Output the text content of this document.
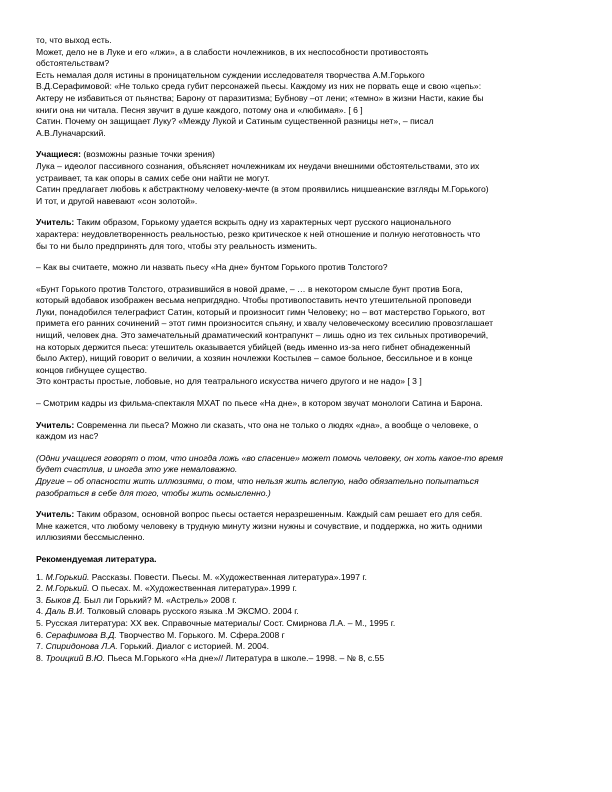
то, что выход есть.
Может, дело не в Луке и его «лжи», а в слабости ночлежников, в их неспособности противостоять
обстоятельствам?
Есть немалая доля истины в проницательном суждении исследователя творчества А.М.Горького
В.Д.Серафимовой: «Не только среда губит персонажей пьесы. Каждому из них не порвать еще и свою «цепь»:
Актеру не избавиться от пьянства; Барону от паразитизма; Бубнову –от лени; «темно» в жизни Насти, какие бы
книги она ни читала. Песня звучит в душе каждого, потому она и «любимая». [ 6 ]
Сатин. Почему он защищает Луку? «Между Лукой и Сатиным существенной разницы нет», – писал
А.В.Луначарский.
Учащиеся: (возможны разные точки зрения)
Лука – идеолог пассивного сознания, объясняет ночлежникам их неудачи внешними обстоятельствами, это их
устраивает, та как опоры в самих себе они найти не могут.
Сатин предлагает любовь к абстрактному человеку-мечте (в этом проявились ницшеанские взгляды М.Горького)
И тот, и другой навевают «сон золотой».
Учитель: Таким образом, Горькому удается вскрыть одну из характерных черт русского национального
характера: неудовлетворенность реальностью, резко критическое к ней отношение и полную неготовность что
бы то ни было предпринять для того, чтобы эту реальность изменить.
– Как вы считаете, можно ли назвать пьесу «На дне» бунтом Горького против Толстого?
«Бунт Горького против Толстого, отразившийся в новой драме, – … в некотором смысле бунт против Бога,
который вдобавок изображен весьма непригдядно. Чтобы противопоставить нечто утешительной проповеди
Луки, понадобился телеграфист Сатин, который и произносит гимн Человеку; но – вот мастерство Горького, вот
примета его ранних сочинений – этот гимн произносится спьяну, и хвалу человеческому всесилию провозглашает
нищий, человек дна. Это замечательный драматический контрапункт – лишь одно из тех сильных противоречий,
на которых держится пьеса: утешитель оказывается убийцей (ведь именно из-за него гибнет обнадеженный
было Актер), нищий говорит о величии, а хозяин ночлежки Костылев – самое больное, бессильное и в конце
концов гибнущее существо.
Это контрасты простые, лобовые, но для театрального искусства ничего другого и не надо» [ 3 ]
– Смотрим кадры из фильма-спектакля МХАТ по пьесе «На дне», в котором звучат монологи Сатина и Барона.
Учитель: Современна ли пьеса? Можно ли сказать, что она не только о людях «дна», а вообще о человеке, о
каждом из нас?
(Одни учащиеся говорят о том, что иногда ложь «во спасение» может помочь человеку, он хоть какое-то время
будет счастлив, и иногда это уже немаловажно.
Другие – об опасности жить иллюзиями, о том, что нельзя жить вслепую, надо обязательно попытаться
разобраться в себе для того, чтобы жить осмысленно.)
Учитель: Таким образом, основной вопрос пьесы остается неразрешенным. Каждый сам решает его для себя.
Мне кажется, что любому человеку в трудную минуту жизни нужны и сочувствие, и поддержка, но жить одними
иллюзиями бессмысленно.
Рекомендуемая литература.
1. М.Горький. Рассказы. Повести. Пьесы. М. «Художественная литература».1997 г.
2. М.Горький. О пьесах. М. «Художественная литература».1999 г.
3. Быков Д. Был ли Горький? М. «Астрель» 2008 г.
4. Даль В.И. Толковый словарь русского языка .М ЭКСМО. 2004 г.
5. Русская литература: XX век. Справочные материалы/ Сост. Смирнова Л.А. – М., 1995 г.
6. Серафимова В.Д. Творчество М. Горького. М. Сфера.2008 г
7. Спиридонова Л.А. Горький. Диалог с историей. М. 2004.
8. Троицкий В.Ю. Пьеса М.Горького «На дне»// Литература в школе.– 1998. – № 8, с.55
